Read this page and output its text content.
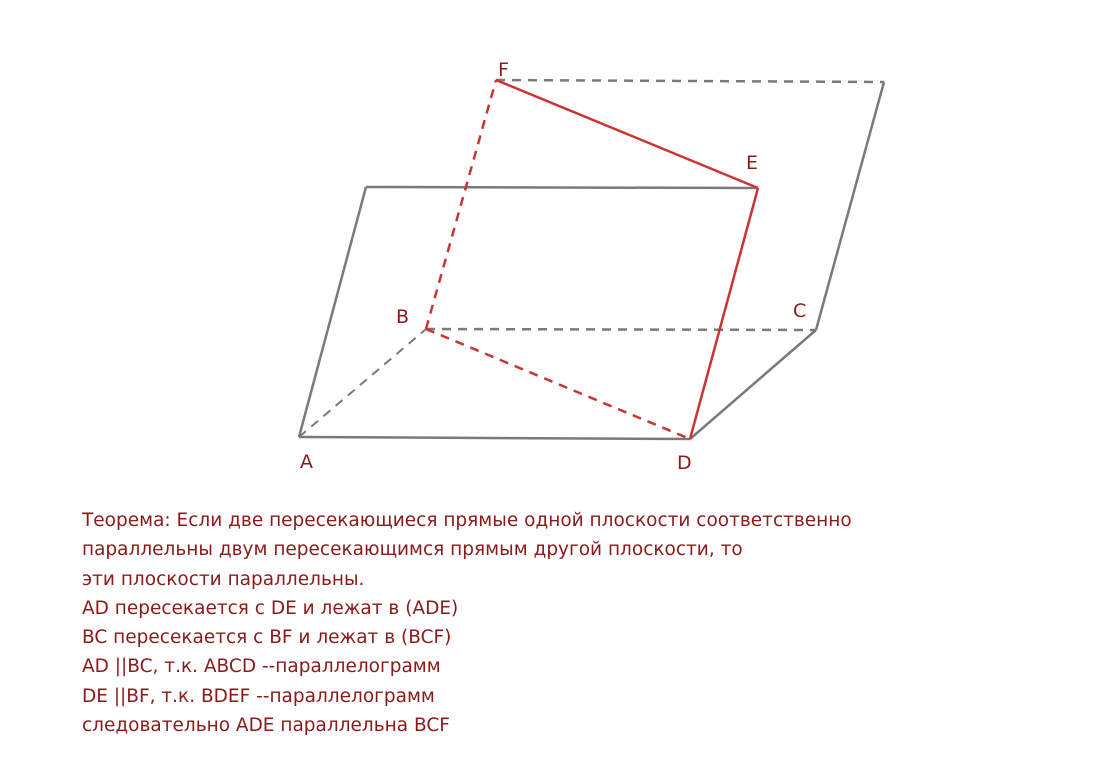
A
B	C
D
E
F
Теорема: Если две пересекающиеся прямые одной плоскости соответственно
параллельны двум пересекающимся прямым другой плоскости, то
эти плоскости параллельны.
AD пересекается с DE и лежат в (ADE)
BC пересекается с BF и лежат в (BCF)
AD ||BC, т.к. ABCD --параллелограмм
DE ||BF, т.к. BDEF --параллелограмм
следовательно ADE параллельна BCF
